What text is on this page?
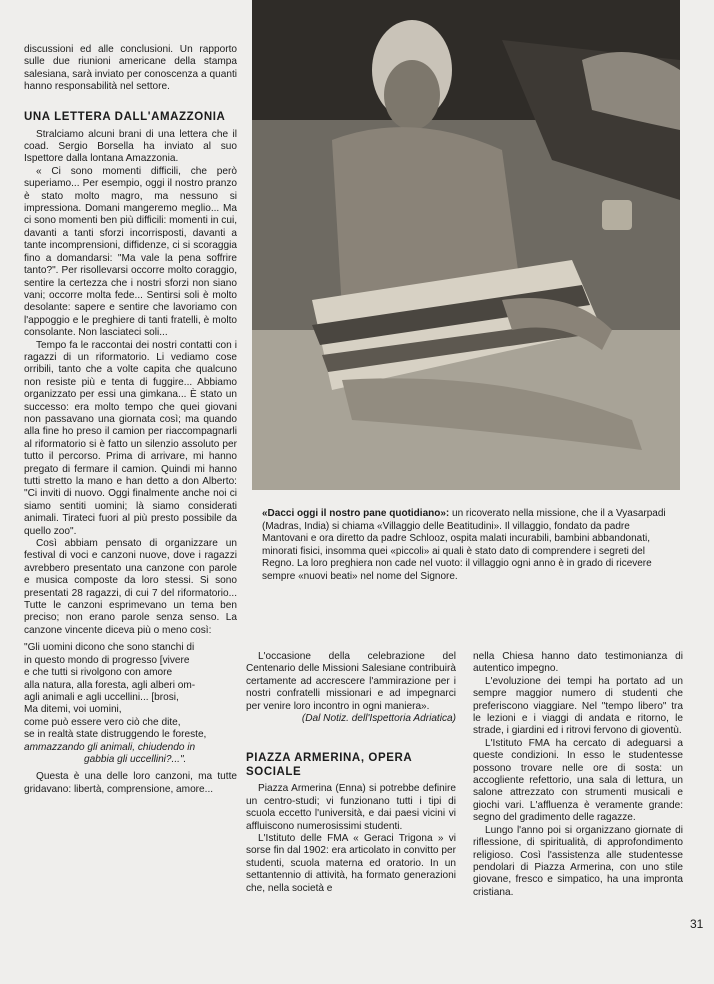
discussioni ed alle conclusioni. Un rapporto sulle due riunioni americane della stampa salesiana, sarà inviato per conoscenza a quanti hanno responsabilità nel settore.

UNA LETTERA DALL'AMAZZONIA

Stralciamo alcuni brani di una lettera che il coad. Sergio Borsella ha inviato al suo Ispettore dalla lontana Amazzonia.

« Ci sono momenti difficili, che però superiamo... Per esempio, oggi il nostro pranzo è stato molto magro, ma nessuno si impressiona. Domani mangeremo meglio... Ma ci sono momenti ben più difficili: momenti in cui, davanti a tanti sforzi incorrisposti, davanti a tante incomprensioni, diffidenze, ci si scoraggia fino a domandarsi: "Ma vale la pena soffrire tanto?". Per risollevarsi occorre molto coraggio, sentire la certezza che i nostri sforzi non siano vani; occorre molta fede... Sentirsi soli è molto desolante: sapere e sentire che lavoriamo con l'appoggio e le preghiere di tanti fratelli, è molto consolante. Non lasciateci soli...

Tempo fa le raccontai dei nostri contatti con i ragazzi di un riformatorio. Li vediamo cose orribili, tanto che a volte capita che qualcuno non resiste più e tenta di fuggire... Abbiamo organizzato per essi una gimkana... È stato un successo: era molto tempo che quei giovani non passavano una giornata così; ma quando alla fine ho preso il camion per riaccompagnarli al riformatorio si è fatto un silenzio assoluto per tutto il percorso. Prima di arrivare, mi hanno pregato di fermare il camion. Quindi mi hanno tutti stretto la mano e han detto a don Alberto: "Ci inviti di nuovo. Oggi finalmente anche noi ci siamo sentiti uomini; là siamo considerati animali. Tirateci fuori al più presto possibile da quello zoo".

Così abbiam pensato di organizzare un festival di voci e canzoni nuove, dove i ragazzi avrebbero presentato una canzone con parole e musica composte da loro stessi. Si sono presentati 28 ragazzi, di cui 7 del riformatorio... Tutte le canzoni esprimevano un tema ben preciso; non erano parole senza senso. La canzone vincente diceva più o meno così:

"Gli uomini dicono che sono stanchi di

in questo mondo di progresso [vivere

e che tutti si rivolgono con amore

alla natura, alla foresta, agli alberi om-

agli animali e agli uccellini... [brosi,

Ma ditemi, voi uomini,

come può essere vero ciò che dite,

se in realtà state distruggendo le foreste,

ammazzando gli animali, chiudendo in

gabbia gli uccellini?...".

Questa è una delle loro canzoni, ma tutte gridavano: libertà, comprensione, amore...

«Dacci oggi il nostro pane quotidiano»: un ricoverato nella missione, che il a Vyasarpadi (Madras, India) si chiama «Villaggio delle Beatitudini». Il villaggio, fondato da padre Mantovani e ora diretto da padre Schlooz, ospita malati incurabili, bambini abbandonati, minorati fisici, insomma quei «piccoli» ai quali è stato dato di comprendere i segreti del Regno. La loro preghiera non cade nel vuoto: il villaggio ogni anno è in grado di ricevere sempre «nuovi beati» nel nome del Signore.

L'occasione della celebrazione del Centenario delle Missioni Salesiane contribuirà certamente ad accrescere l'ammirazione per i nostri confratelli missionari e ad impegnarci per venire loro incontro in ogni maniera».

(Dal Notiz. dell'Ispettoria Adriatica)

PIAZZA ARMERINA, OPERA SOCIALE

Piazza Armerina (Enna) si potrebbe definire un centro-studi; vi funzionano tutti i tipi di scuola eccetto l'università, e dai paesi vicini vi affluiscono numerosissimi studenti.

L'Istituto delle FMA « Geraci Trigona » vi sorse fin dal 1902: era articolato in convitto per studenti, scuola materna ed oratorio. In un settantennio di attività, ha formato generazioni che, nella società e

nella Chiesa hanno dato testimonianza di autentico impegno.

L'evoluzione dei tempi ha portato ad un sempre maggior numero di studenti che preferiscono viaggiare. Nel "tempo libero" tra le lezioni e i viaggi di andata e ritorno, le strade, i giardini ed i ritrovi fervono di gioventù.

L'Istituto FMA ha cercato di adeguarsi a queste condizioni. In esso le studentesse possono trovare nelle ore di sosta: un accogliente refettorio, una sala di lettura, un salone attrezzato con strumenti musicali e giochi vari. L'affluenza è veramente grande: segno del gradimento delle ragazze.

Lungo l'anno poi si organizzano giornate di riflessione, di spiritualità, di approfondimento religioso. Così l'assistenza alle studentesse pendolari di Piazza Armerina, con uno stile giovane, fresco e simpatico, ha una impronta cristiana.

31
